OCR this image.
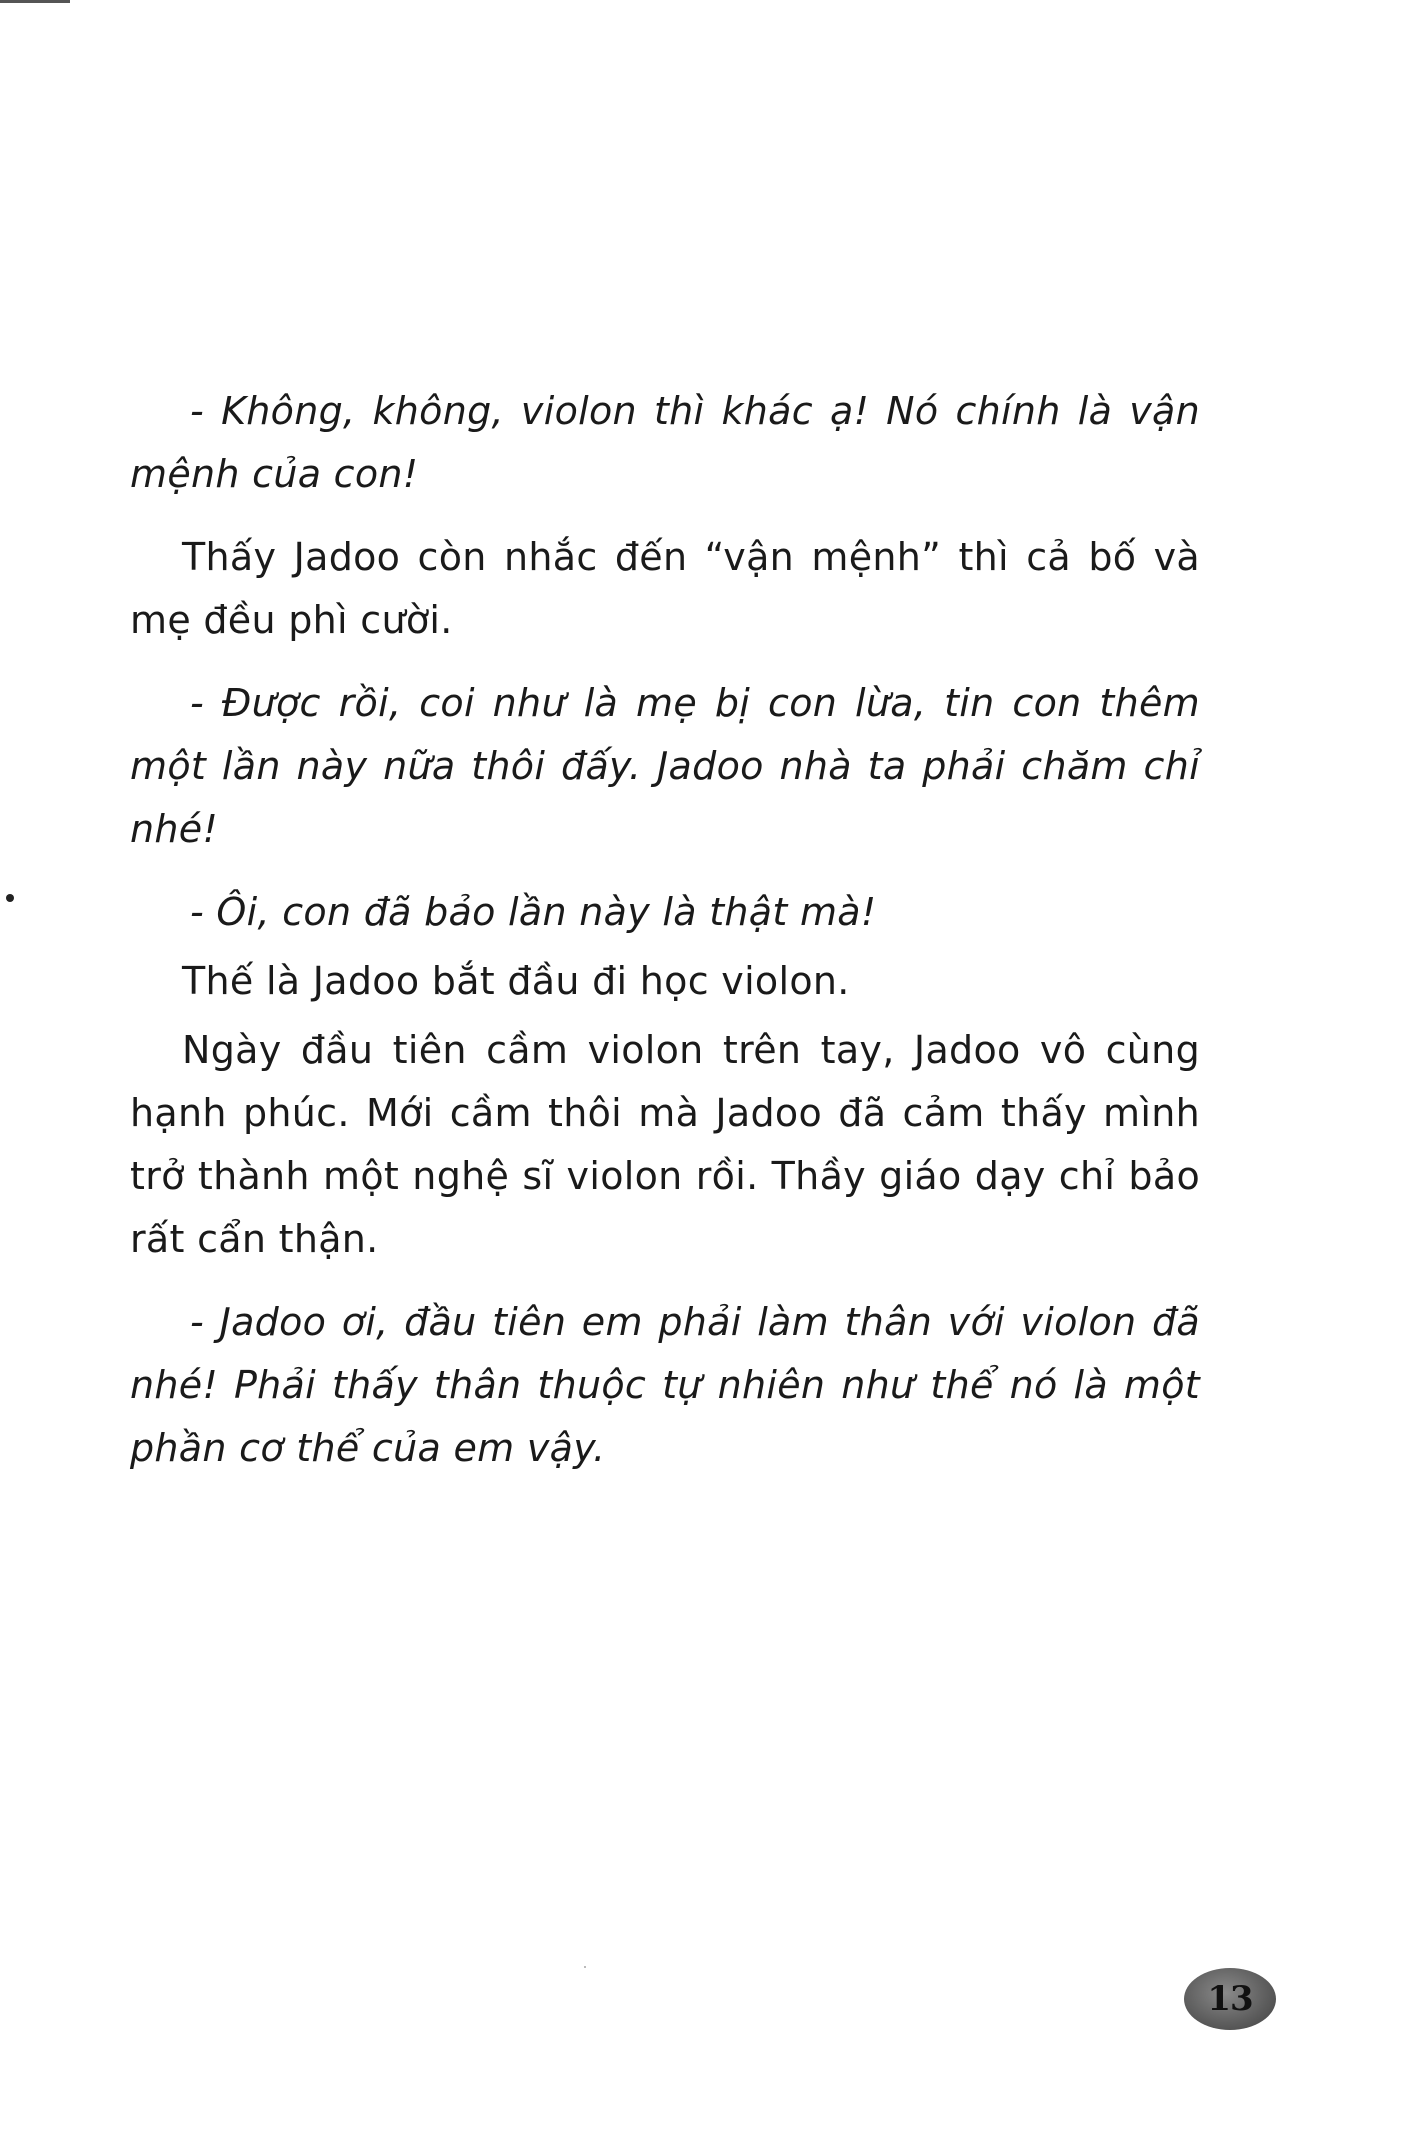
- Không, không, violon thì khác ạ! Nó chính là vận mệnh của con!

Thấy Jadoo còn nhắc đến “vận mệnh” thì cả bố và mẹ đều phì cười.

- Được rồi, coi như là mẹ bị con lừa, tin con thêm một lần này nữa thôi đấy. Jadoo nhà ta phải chăm chỉ nhé!

- Ôi, con đã bảo lần này là thật mà!

Thế là Jadoo bắt đầu đi học violon.

Ngày đầu tiên cầm violon trên tay, Jadoo vô cùng hạnh phúc. Mới cầm thôi mà Jadoo đã cảm thấy mình trở thành một nghệ sĩ violon rồi. Thầy giáo dạy chỉ bảo rất cẩn thận.

- Jadoo ơi, đầu tiên em phải làm thân với violon đã nhé! Phải thấy thân thuộc tự nhiên như thể nó là một phần cơ thể của em vậy.

13
